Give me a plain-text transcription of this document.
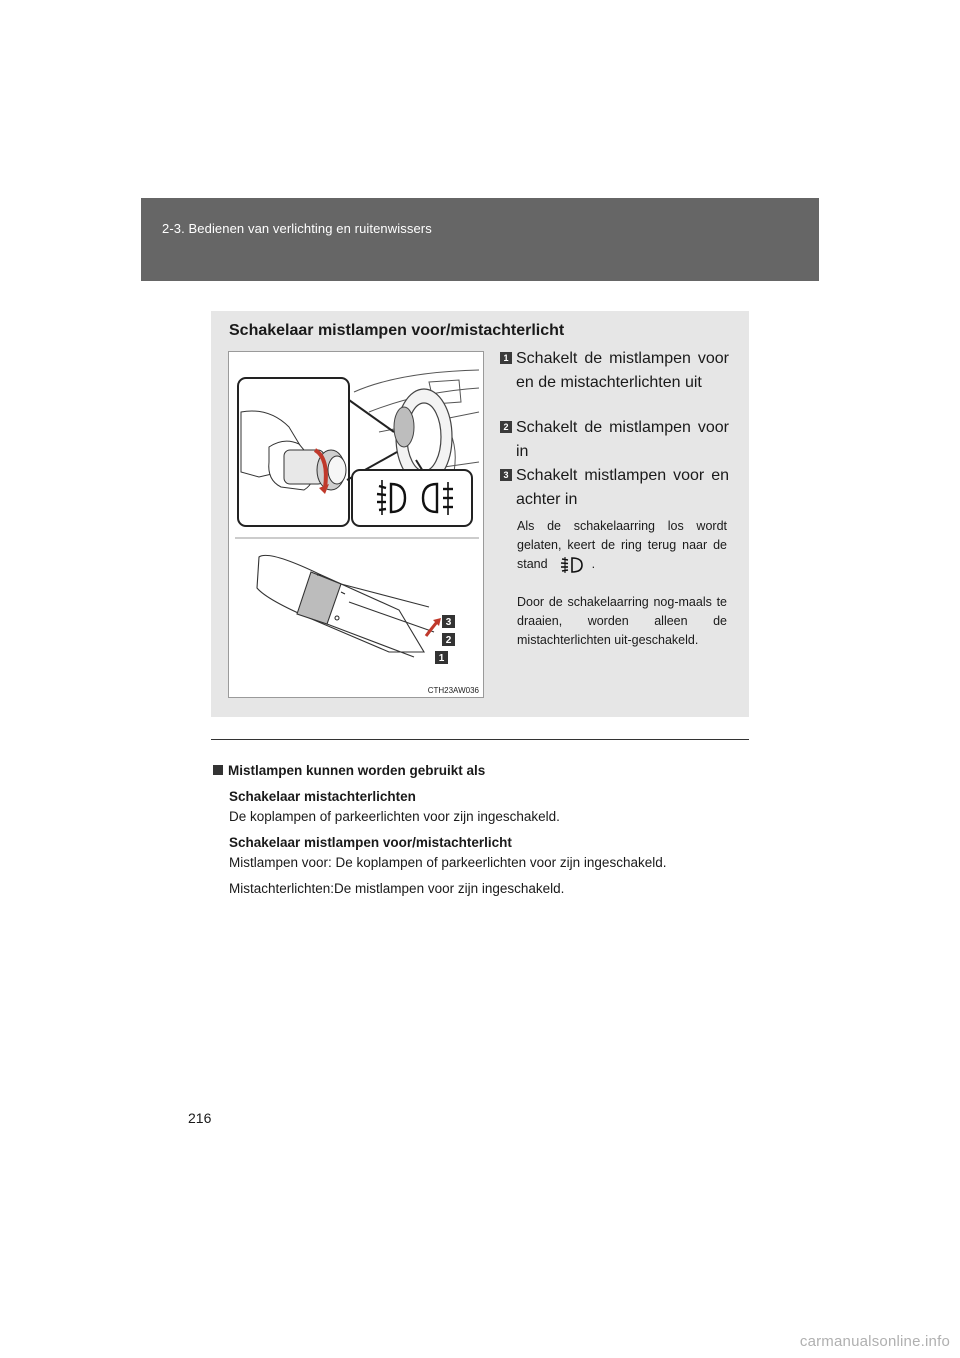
2-3. Bedienen van verlichting en ruitenwissers
Schakelaar mistlampen voor/mistachterlicht
3
2
1
CTH23AW036
1 Schakelt de mistlampen voor en de mistachterlichten uit
2 Schakelt de mistlampen voor in
3 Schakelt mistlampen voor en achter in
Als de schakelaarring los wordt gelaten, keert de ring terug naar de stand	.
Door de schakelaarring nog-maals te draaien, worden alleen de mistachterlichten uit-geschakeld.

Mistlampen kunnen worden gebruikt als

Schakelaar mistachterlichten

De koplampen of parkeerlichten voor zijn ingeschakeld.

Schakelaar mistlampen voor/mistachterlicht

Mistlampen voor: De koplampen of parkeerlichten voor zijn ingeschakeld.

Mistachterlichten:De mistlampen voor zijn ingeschakeld.

216
carmanualsonline.info
